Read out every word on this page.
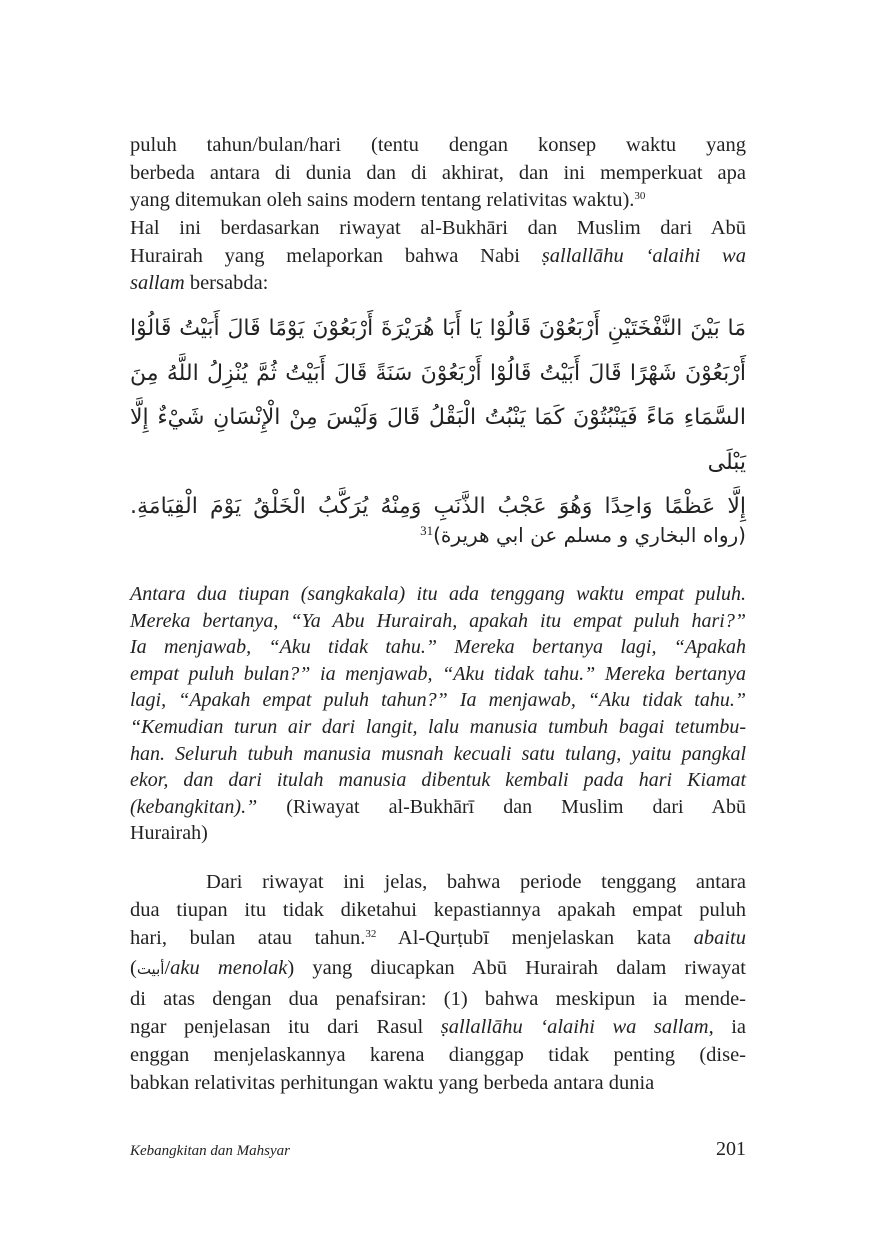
puluh tahun/bulan/hari (tentu dengan konsep waktu yang
berbeda antara di dunia dan di akhirat, dan ini memperkuat apa
yang ditemukan oleh sains modern tentang relativitas waktu).$^{30}$
Hal ini berdasarkan riwayat al-Bukhāri dan Muslim dari Abū
Hurairah yang melaporkan bahwa Nabi ṣallallāhu ‘alaihi wa
sallam bersabda:
مَا بَيْنَ النَّفْخَتَيْنِ أَرْبَعُوْنَ قَالُوْا يَا أَبَا هُرَيْرَةَ أَرْبَعُوْنَ يَوْمًا قَالَ أَبَيْتُ قَالُوْا
أَرْبَعُوْنَ شَهْرًا قَالَ أَبَيْتُ قَالُوْا أَرْبَعُوْنَ سَنَةً قَالَ أَبَيْتُ ثُمَّ يُنْزِلُ اللَّهُ مِنَ
السَّمَاءِ مَاءً فَيَنْبُتُوْنَ كَمَا يَنْبُتُ الْبَقْلُ قَالَ وَلَيْسَ مِنْ الْإِنْسَانِ شَيْءٌ إِلَّا يَبْلَى
إِلَّا عَظْمًا وَاحِدًا وَهُوَ عَجْبُ الذَّنَبِ وَمِنْهُ يُرَكَّبُ الْخَلْقُ يَوْمَ الْقِيَامَةِ.
(رواه البخاري و مسلم عن ابي هريرة)$^{31}$
Antara dua tiupan (sangkakala) itu ada tenggang waktu empat puluh.
Mereka bertanya, “Ya Abu Hurairah, apakah itu empat puluh hari?”
Ia menjawab, “Aku tidak tahu.” Mereka bertanya lagi, “Apakah
empat puluh bulan?” ia menjawab, “Aku tidak tahu.” Mereka bertanya
lagi, “Apakah empat puluh tahun?” Ia menjawab, “Aku tidak tahu.”
“Kemudian turun air dari langit, lalu manusia tumbuh bagai tetumbu-
han. Seluruh tubuh manusia musnah kecuali satu tulang, yaitu pangkal
ekor, dan dari itulah manusia dibentuk kembali pada hari Kiamat
(kebangkitan).” (Riwayat al-Bukhārī dan Muslim dari Abū
Hurairah)
Dari riwayat ini jelas, bahwa periode tenggang antara
dua tiupan itu tidak diketahui kepastiannya apakah empat puluh
hari, bulan atau tahun.$^{32}$ Al-Qurṭubī menjelaskan kata abaitu
(أبيت/aku menolak) yang diucapkan Abū Hurairah dalam riwayat
di atas dengan dua penafsiran: (1) bahwa meskipun ia mende-
ngar penjelasan itu dari Rasul ṣallallāhu ‘alaihi wa sallam, ia
enggan menjelaskannya karena dianggap tidak penting (dise-
babkan relativitas perhitungan waktu yang berbeda antara dunia
Kebangkitan dan Mahsyar	201
